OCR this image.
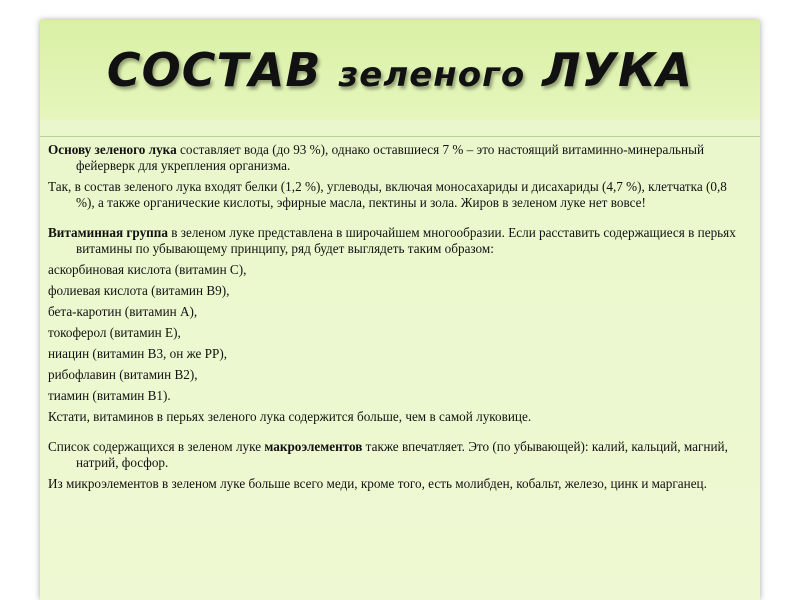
СОСТАВ зеленого ЛУКА

Основу зеленого лука составляет вода (до 93 %), однако оставшиеся 7 % – это настоящий витаминно-минеральный фейерверк для укрепления организма.

Так, в состав зеленого лука входят белки (1,2 %), углеводы, включая моносахариды и дисахариды (4,7 %), клетчатка (0,8 %), а также органические кислоты, эфирные масла, пектины и зола. Жиров в зеленом луке нет вовсе!

Витаминная группа в зеленом луке представлена в широчайшем многообразии. Если расставить содержащиеся в перьях витамины по убывающему принципу, ряд будет выглядеть таким образом:

аскорбиновая кислота (витамин С),

фолиевая кислота (витамин В9),

бета-каротин (витамин А),

токоферол (витамин Е),

ниацин (витамин В3, он же РР),

рибофлавин (витамин В2),

тиамин (витамин В1).

Кстати, витаминов в перьях зеленого лука содержится больше, чем в самой луковице.

Список содержащихся в зеленом луке макроэлементов также впечатляет. Это (по убывающей): калий, кальций, магний, натрий, фосфор.

Из микроэлементов в зеленом луке больше всего меди, кроме того, есть молибден, кобальт, железо, цинк и марганец.
